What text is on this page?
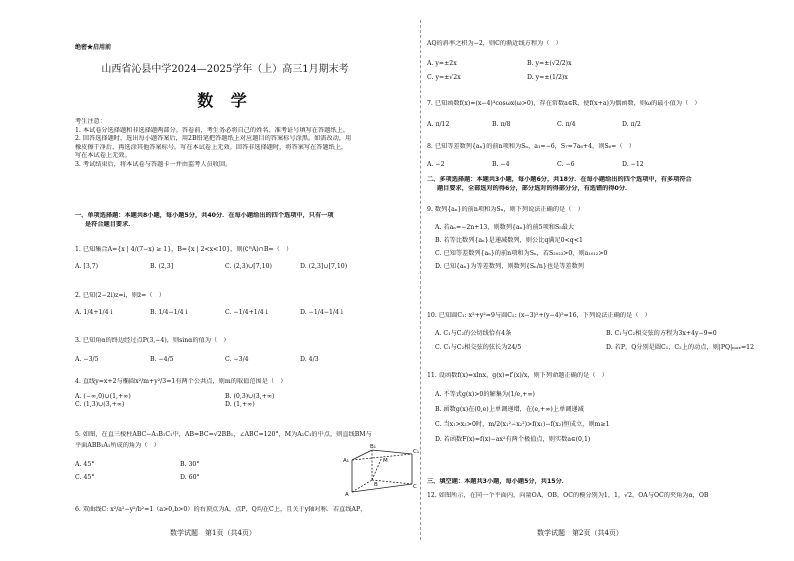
绝密★启用前
山西省沁县中学2024—2025学年（上）高三1月期末考
数 学
考生注意：
1. 本试卷分选择题和非选择题两部分。答卷前，考生务必将自己的姓名、准考证号填写在答题纸上。
2. 回答选择题时，选出每小题答案后，用2B铅笔把答题纸上对应题目的答案标号涂黑。如需改动，用
橡皮擦干净后，再选涂其他答案标号。写在本试卷上无效。回答非选择题时，将答案写在答题纸上，
写在本试卷上无效。
3. 考试结束后，将本试卷与答题卡一并由监考人员收回。
一、单项选择题：本题共8小题，每小题5分，共40分．在每小题给出的四个选项中，只有一项
是符合题目要求．
1. 已知集合A={x | 4/(7−x) ≥ 1}，B={x | 2<x<10}，则(∁ᴿA)∩B=（　）
A. [3,7)	B. (2,3]	C. (2,3)∪[7,10)	D. (2,3]∪[7,10)
2. 已知(2−2i)z=i，则z̄=（　）
A. 1/4+1/4 i	B. 1/4−1/4 i	C. −1/4+1/4 i	D. −1/4−1/4 i
3. 已知角α的终边经过点P(3,−4)，则sinα的值为（　）
A. −3/5	B. −4/5	C. −3/4	D. 4/3
4. 直线y=x+2与椭圆x²/m+y²/3=1有两个公共点，则m的取值范围是（　）
A. (−∞,0)∪(1,+∞)	B. (0,3)∪(3,+∞)
C. (1,3)∪(3,+∞)	D. (1,+∞)
5. 如图，在直三棱柱ABC−A₁B₁C₁中，AB=BC=√2BB₁，∠ABC=120°，M为A₁C₁的中点，则直线BM与
平面ABB₁A₁所成的角为（　）
A. 45°	B. 30°
C. 45°	D. 60°
A₁
B₁
M
C₁
A
B	C
6. 双曲线C: x²/a²−y²/b²=1（a>0,b>0）的右顶点为A，点P，Q均在C上，且关于y轴对称．若直线AP，
数学试题　第1页（共4页）
AQ的斜率之积为−2，则C的渐近线方程为（　）
A. y=±2x	B. y=±(√2/2)x
C. y=±√2x	D. y=±(1/2)x
7. 已知函数f(x)=(x−4)³cosωx(ω>0)，存在常数a∈R，使f(x+a)为偶函数，则ω的最小值为（　）
A. π/12	B. π/8	C. π/4	D. π/2
8. 已知等差数列{aₙ}的前n项和为Sₙ，a₁=−6，S₇=7a₆+4，则S₆=（　）
A. −2	B. −4	C. −6	D. −12
二、多项选择题：本题共3小题，每小题6分，共18分．在每小题给出的四个选项中，有多项符合
题目要求，全部选对的得6分，部分选对的得部分分，有选错的得0分．
9. 数列{aₙ}的前n项和为Sₙ，则下列说法正确的是（　）
A. 若aₙ=−2n+13，则数列{aₙ}的前5项和S₅最大
B. 若等比数列{aₙ}是递减数列，则公比q满足0<q<1
C. 已知等差数列{aₙ}的前n项和为Sₙ，若S₂₀₂₃>0，则a₁₀₁₂>0
D. 已知{aₙ}为等差数列，则数列{Sₙ/n}也是等差数列
10. 已知圆C₁: x²+y²=9与圆C₂: (x−3)²+(y−4)²=16，下列说法正确的是（　）
A. C₁与C₂的公切线恰有4条	B. C₁与C₂相交弦的方程为3x+4y−9=0
C. C₁与C₂相交弦的弦长为24/5	D. 若P，Q分别是圆C₁，C₂上的动点，则|PQ|ₘₐₓ=12
11. 设函数f(x)=xlnx，g(x)=f′(x)/x，则下列命题正确的是（　）
A. 不等式g(x)>0的解集为(1/e,+∞)
B. 函数g(x)在(0,e)上单调递增，在(e,+∞)上单调递减
C. 当x₁>x₂>0时，m/2(x₁²−x₂²)>f(x₁)−f(x₂)恒成立，则m≥1
D. 若函数F(x)=f(x)−ax²有两个极值点，则实数a∈(0,1)
三、填空题：本题共3小题，每小题5分，共15分．
12. 如图所示，在同一个平面内，向量OA，OB，OC的模分别为1，1，√2，OA与OC的夹角为α，OB
数学试题　第2页（共4页）
